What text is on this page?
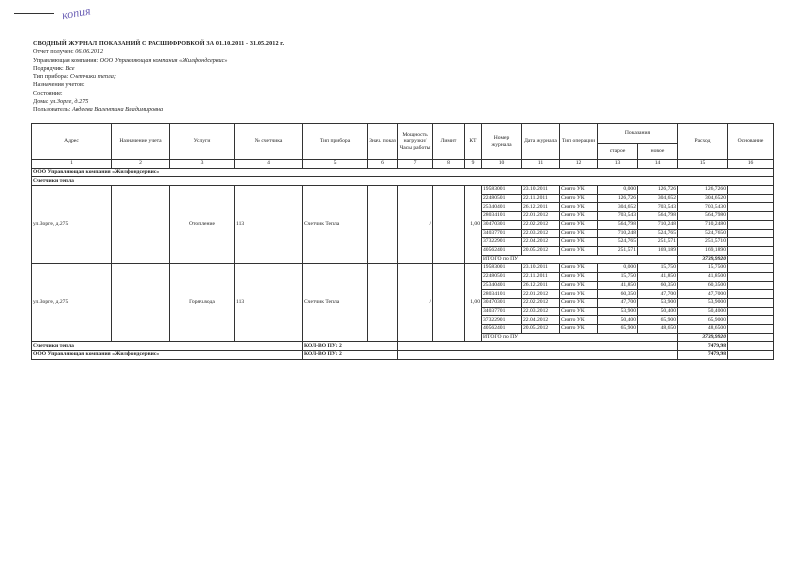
копия
СВОДНЫЙ ЖУРНАЛ ПОКАЗАНИЙ С РАСШИФРОВКОЙ ЗА 01.10.2011 - 31.05.2012 г.
Отчет получен: 06.06.2012
Управляющая компания: ООО Управляющая компания «Жилфондсервис»
Подрядчик: Все
Тип прибора: Счетчики тепла;
Назначения учетов:
Состояние:
Дома: ул.Зорге, д.275
Пользователь: Авдеева Валентина Владимировна
Адрес	Назначение учета	Услуги	№ счетчика	Тип прибора	Знач. показ	Мощность нагрузки/ Часы работы	Лимит	КТ	Номер журнала	Дата журнала	Тип операции	Показания		Расход	Основание
												старое	новое		
1	2	3	4	5	6	7	8	9	10	11	12	13	14	15	16
ООО Управляющая компания «Жилфондсервис»															
Счетчики тепла															
ул.Зорге, д.275		Отопление	113	Счетчик Тепла		/		1,00	19583001	23.10.2011	Снято УК	0,000	126,726	126,7260	
									22480501	22.11.2011	Снято УК	126,726	304,652	304,6520	
									25340401	26.12.2011	Снято УК	304,652	703,543	703,5430	
									28034101	22.01.2012	Снято УК	703,543	564,798	564,7980	
									30470301	22.02.2012	Снято УК	564,798	710,248	710,2480	
									34037701	22.03.2012	Снято УК	710,248	524,765	524,7650	
									37322901	22.04.2012	Снято УК	524,765	251,571	251,5710	
									40562401	20.05.2012	Снято УК	251,571	169,189	169,1890	
									ИТОГО по ПУ					3739,9920	
ул.Зорге, д.275		Горяч.вода	113	Счетчик Тепла		/		1,00	19583001	23.10.2011	Снято УК	0,000	15,750	15,7500	
									22480501	22.11.2011	Снято УК	15,750	41,850	41,8500	
									25340401	26.12.2011	Снято УК	41,850	60,350	60,3500	
									28034101	22.01.2012	Снято УК	60,350	47,700	47,7000	
									30470301	22.02.2012	Снято УК	47,700	53,900	53,9000	
									34037701	22.03.2012	Снято УК	53,900	50,400	50,4000	
									37322901	22.04.2012	Снято УК	50,400	65,900	65,9000	
									40562401	20.05.2012	Снято УК	65,900	48,650	48,6500	
									ИТОГО по ПУ					3739,9920	
Счетчики тепла				КОЛ-ВО ПУ: 2										7479,98	
ООО Управляющая компания «Жилфондсервис»				КОЛ-ВО ПУ: 2										7479,98	
